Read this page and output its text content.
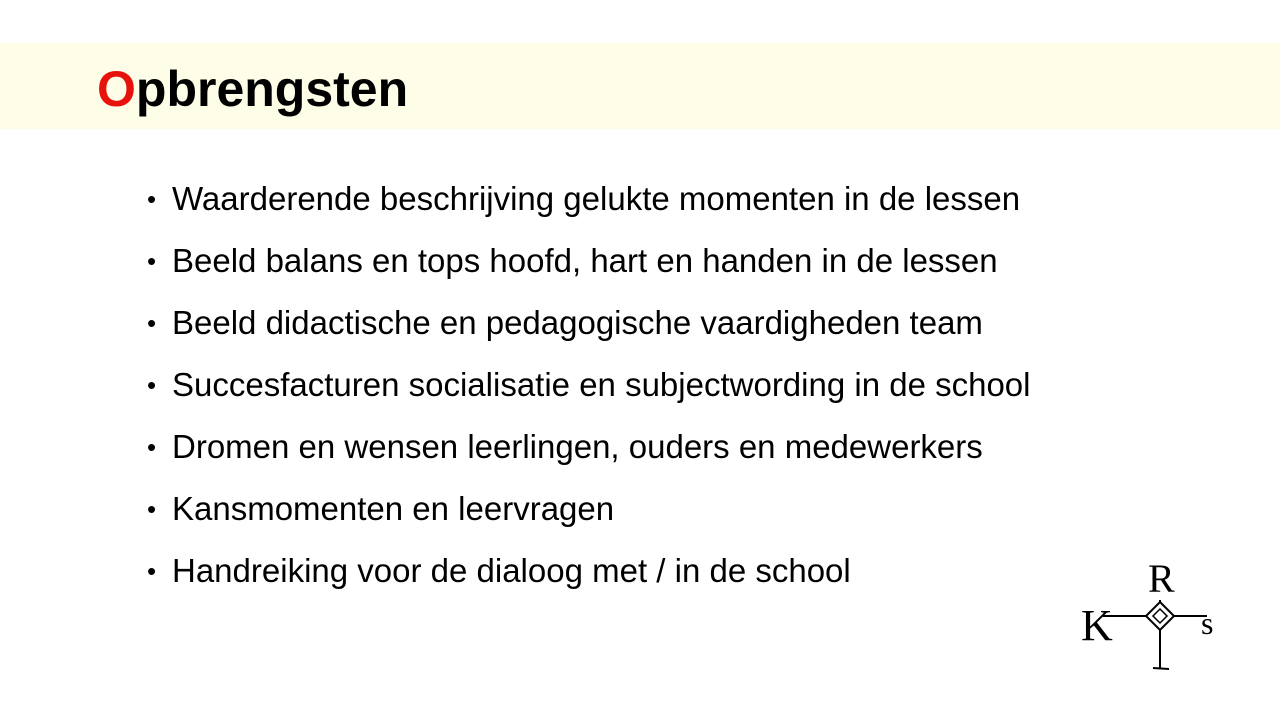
Opbrengsten
• Waarderende beschrijving gelukte momenten in de lessen
• Beeld balans en tops hoofd, hart en handen in de lessen
• Beeld didactische en pedagogische vaardigheden team
• Succesfacturen socialisatie en subjectwording in de school
• Dromen en wensen leerlingen, ouders en medewerkers
• Kansmomenten en leervragen
• Handreiking voor de dialoog met / in de school	R
K	s
